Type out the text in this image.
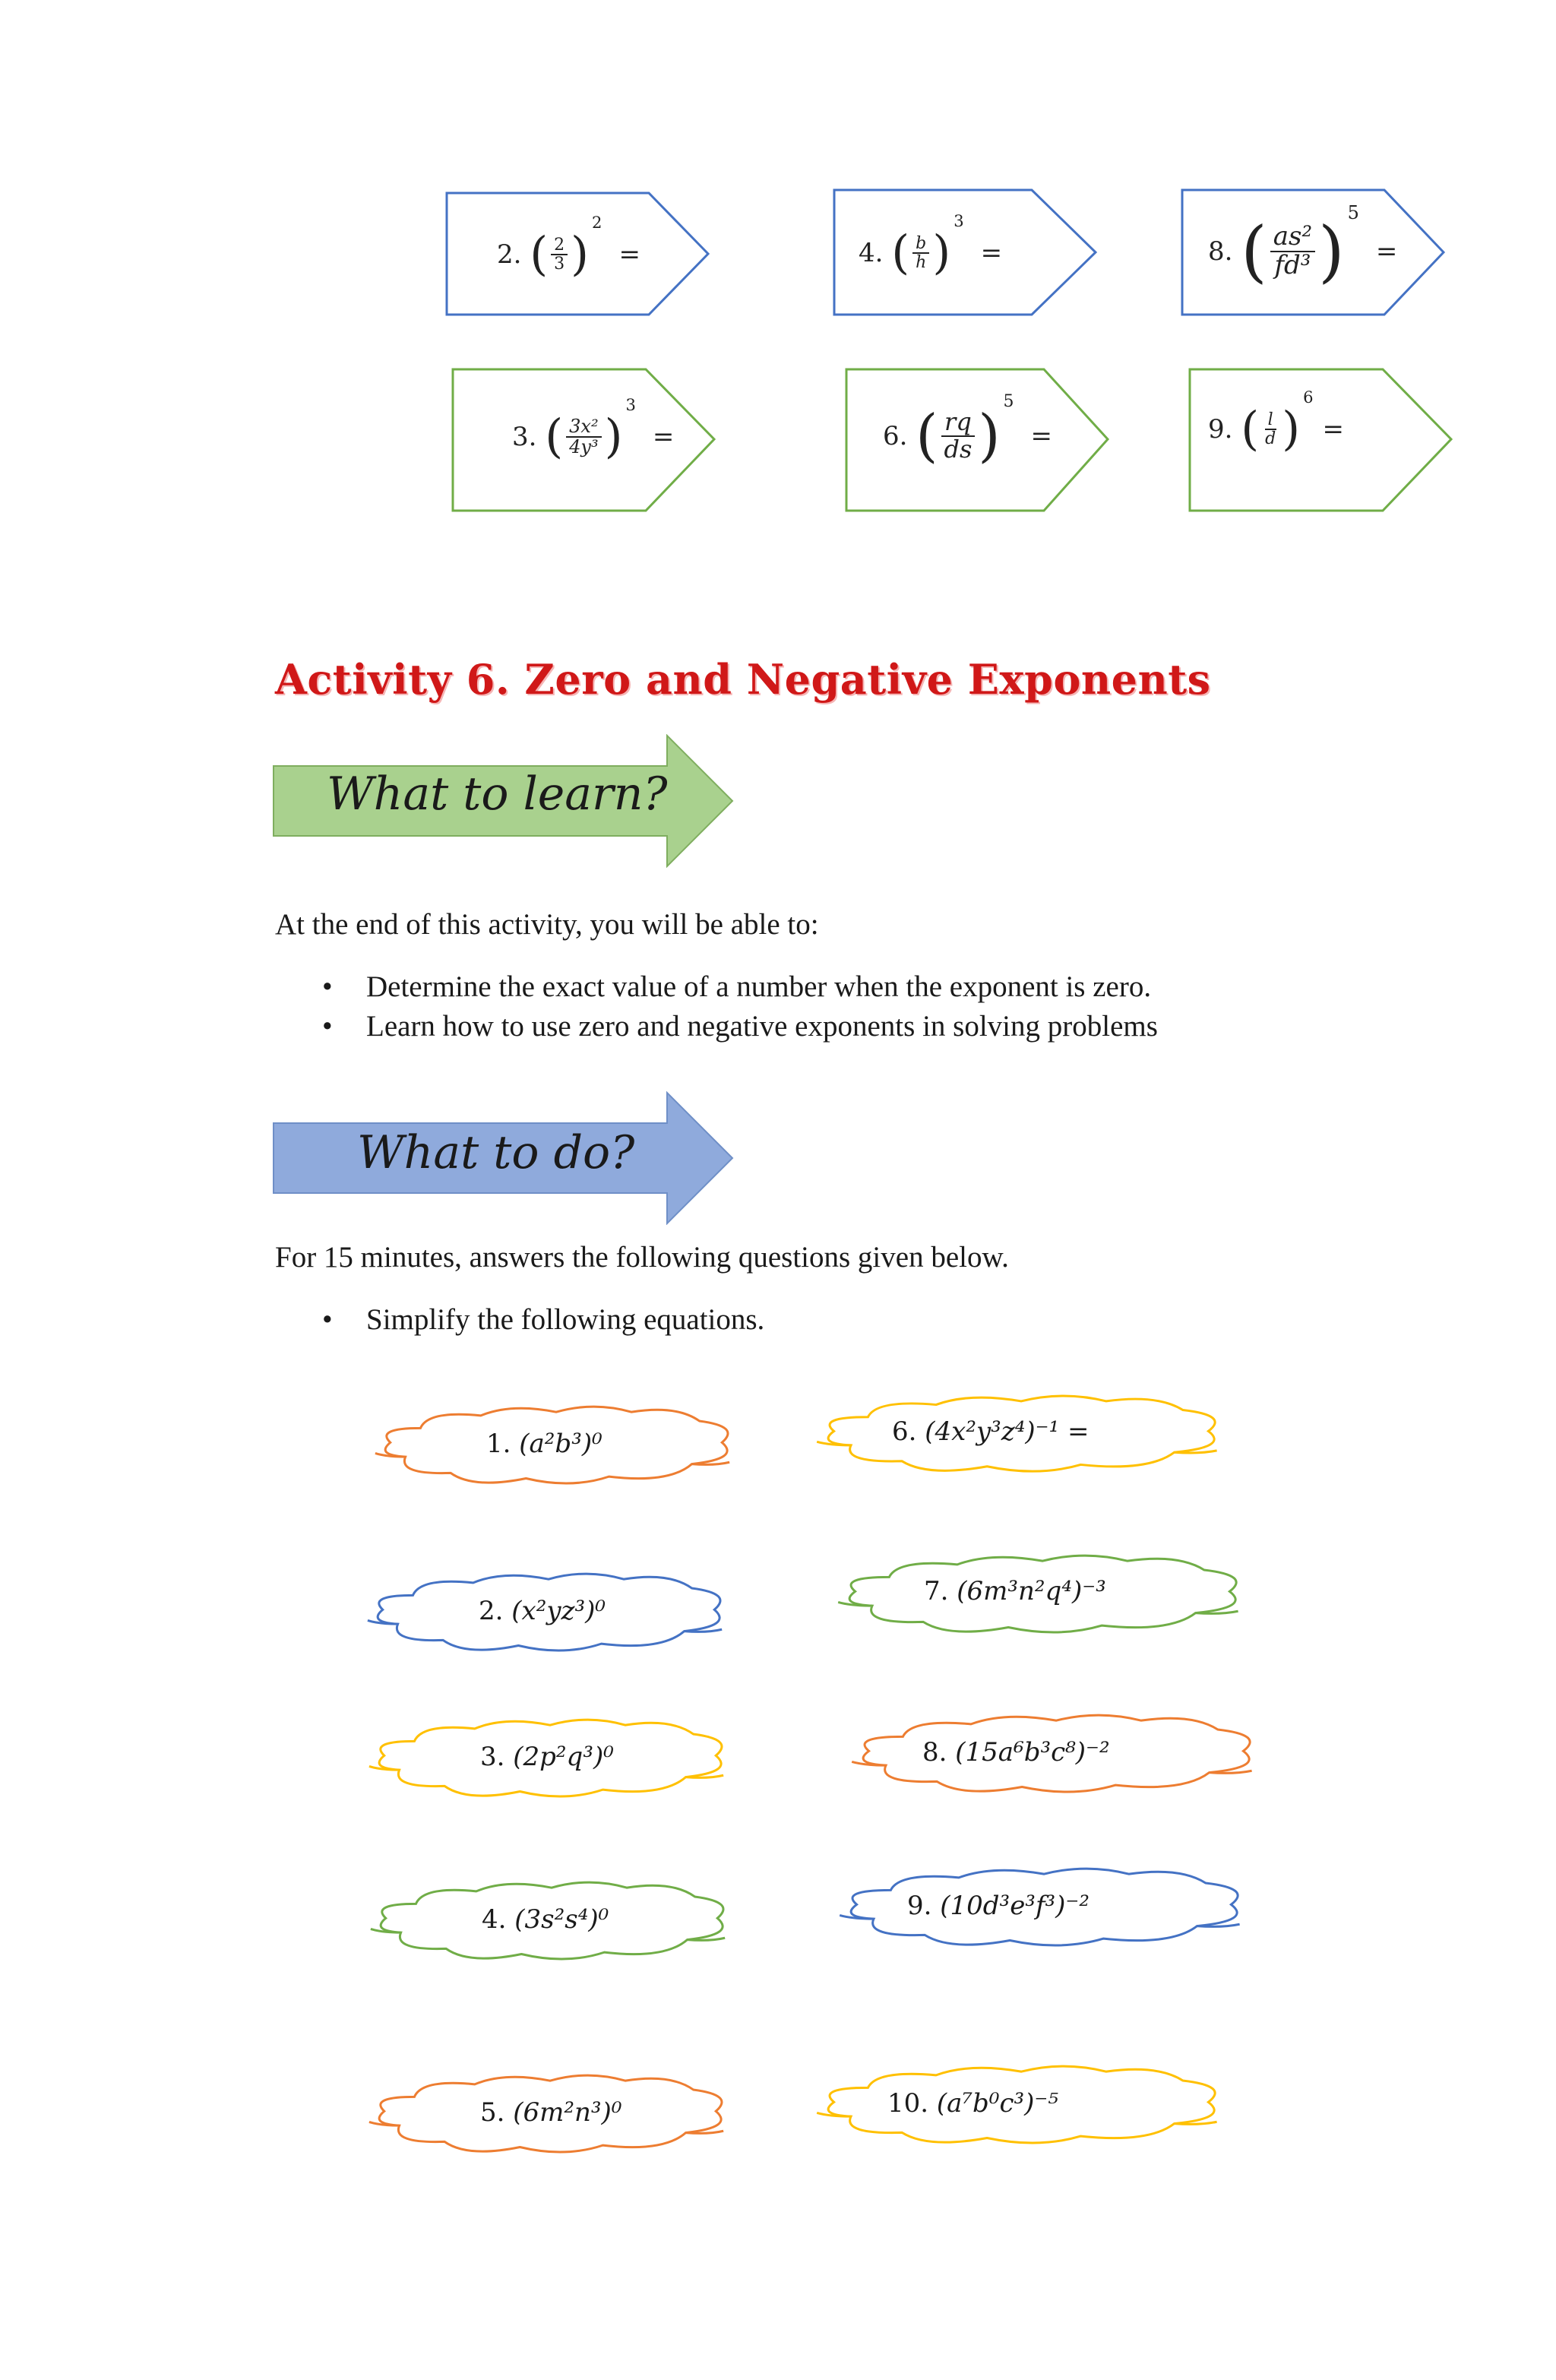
2.
( $\frac{2}{3}$ )
2
=	4.
( $\frac{b}{h}$ )
3
=	8.
( $\frac{\text{as²}}{\text{fd³}}$ ) 5
=
3.
( $\frac{\text{3x²}}{\text{4y³}}$ )
3
=	6.
( $\frac{rq}{ds}$ )
5
=	9.
( $\frac{l}{d}$ )
6
=
Activity 6. Zero and Negative Exponents
What to learn?
At the end of this activity, you will be able to:
• Determine the exact value of a number when the exponent is zero.
• Learn how to use zero and negative exponents in solving problems
What to do?
For 15 minutes, answers the following questions given below.
• Simplify the following equations.
1. (a²b³)⁰	6. (4x²y³z⁴)⁻¹ =
2. (x²yz³)⁰
7. (6m³n²q⁴)⁻³
3. (2p²q³)⁰	8. (15a⁶b³c⁸)⁻²
4. (3s²s⁴)⁰	9. (10d³e³f³)⁻²
5. (6m²n³)⁰	10. (a⁷b⁰c³)⁻⁵
